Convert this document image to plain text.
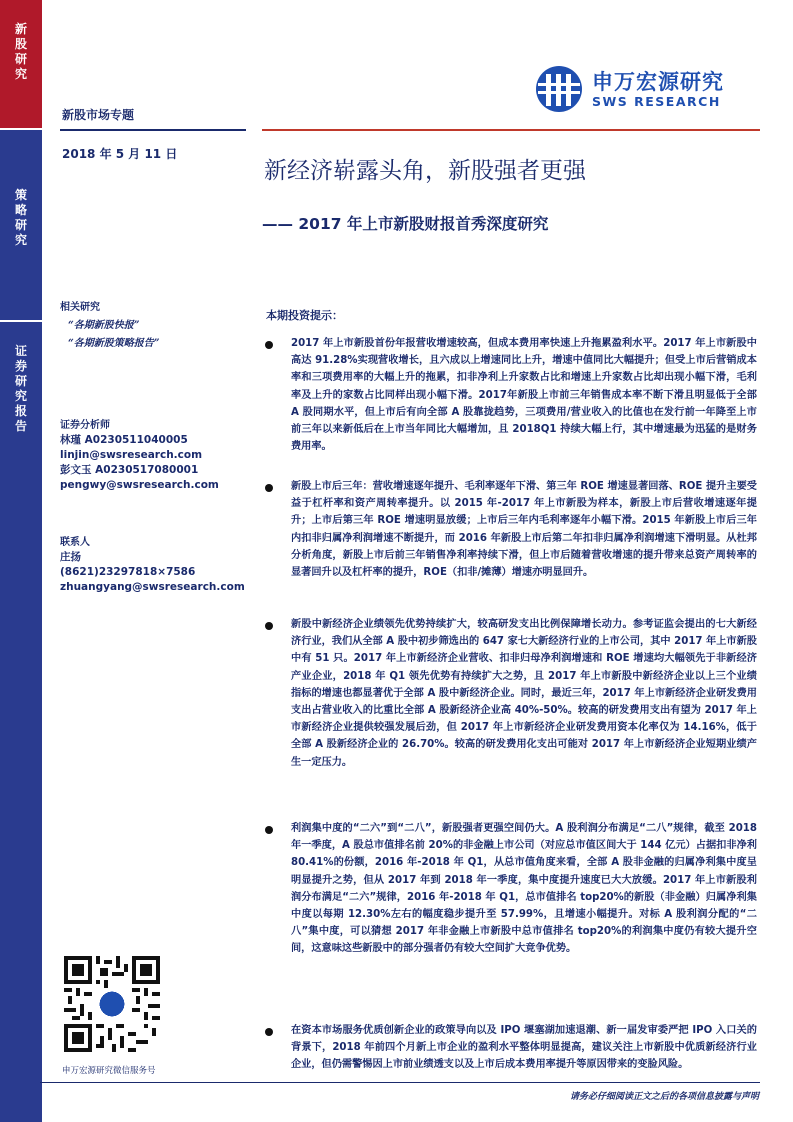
新股研究
策略研究
证券研究报告
新股市场专题
2018 年 5 月 11 日
申万宏源研究
SWS RESEARCH
新经济崭露头角，新股强者更强
—— 2017 年上市新股财报首秀深度研究
相关研究
“各期新股快报”
“各期新股策略报告”
证券分析师
林瑾 A0230511040005
linjin@swsresearch.com
彭文玉 A0230517080001
pengwy@swsresearch.com
联系人
庄扬
(8621)23297818×7586
zhuangyang@swsresearch.com
申万宏源研究微信服务号
本期投资提示：
2017 年上市新股首份年报营收增速较高，但成本费用率快速上升拖累盈利水平。2017 年上市新股中高达 91.28%实现营收增长，且六成以上增速同比上升，增速中值同比大幅提升；但受上市后营销成本率和三项费用率的大幅上升的拖累，扣非净利上升家数占比和增速上升家数占比却出现小幅下滑，毛利率及上升的家数占比同样出现小幅下滑。2017年新股上市前三年销售成本率不断下滑且明显低于全部 A 股同期水平，但上市后有向全部 A 股靠拢趋势，三项费用/营业收入的比值也在发行前一年降至上市前三年以来新低后在上市当年同比大幅增加，且 2018Q1 持续大幅上行，其中增速最为迅猛的是财务费用率。
新股上市后三年：营收增速逐年提升、毛利率逐年下滑、第三年 ROE 增速显著回落、ROE 提升主要受益于杠杆率和资产周转率提升。以 2015 年-2017 年上市新股为样本，新股上市后营收增速逐年提升；上市后第三年 ROE 增速明显放缓；上市后三年内毛利率逐年小幅下滑。2015 年新股上市后三年内扣非归属净利润增速不断提升，而 2016 年新股上市后第二年扣非归属净利润增速下滑明显。从杜邦分析角度，新股上市后前三年销售净利率持续下滑，但上市后随着营收增速的提升带来总资产周转率的显著回升以及杠杆率的提升，ROE（扣非/摊薄）增速亦明显回升。
新股中新经济企业绩领先优势持续扩大，较高研发支出比例保障增长动力。参考证监会提出的七大新经济行业，我们从全部 A 股中初步筛选出的 647 家七大新经济行业的上市公司，其中 2017 年上市新股中有 51 只。2017 年上市新经济企业营收、扣非归母净利润增速和 ROE 增速均大幅领先于非新经济产业企业，2018 年 Q1 领先优势有持续扩大之势，且 2017 年上市新股中新经济企业以上三个业绩指标的增速也都显著优于全部 A 股中新经济企业。同时，最近三年，2017 年上市新经济企业研发费用支出占营业收入的比重比全部 A 股新经济企业高 40%-50%。较高的研发费用支出有望为 2017 年上市新经济企业提供较强发展后劲，但 2017 年上市新经济企业研发费用资本化率仅为 14.16%，低于全部 A 股新经济企业的 26.70%。较高的研发费用化支出可能对 2017 年上市新经济企业短期业绩产生一定压力。
利润集中度的“二六”到“二八”，新股强者更强空间仍大。A 股利润分布满足“二八”规律，截至 2018 年一季度，A 股总市值排名前 20%的非金融上市公司（对应总市值区间大于 144 亿元）占据扣非净利 80.41%的份额，2016 年-2018 年 Q1，从总市值角度来看，全部 A 股非金融的归属净利集中度呈明显提升之势，但从 2017 年到 2018 年一季度，集中度提升速度已大大放缓。2017 年上市新股利润分布满足“二六”规律，2016 年-2018 年 Q1，总市值排名 top20%的新股（非金融）归属净利集中度以每期 12.30%左右的幅度稳步提升至 57.99%，且增速小幅提升。对标 A 股利润分配的“二八”集中度，可以猜想 2017 年非金融上市新股中总市值排名 top20%的利润集中度仍有较大提升空间，这意味这些新股中的部分强者仍有较大空间扩大竞争优势。
在资本市场服务优质创新企业的政策导向以及 IPO 堰塞湖加速退潮、新一届发审委严把 IPO 入口关的背景下，2018 年前四个月新上市企业的盈利水平整体明显提高，建议关注上市新股中优质新经济行业企业，但仍需警惕因上市前业绩透支以及上市后成本费用率提升等原因带来的变脸风险。
请务必仔细阅读正文之后的各项信息披露与声明
